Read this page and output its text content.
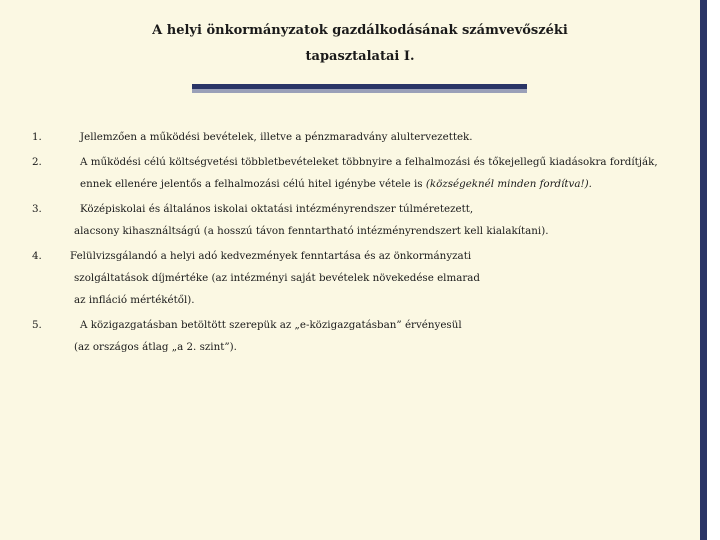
A helyi önkormányzatok gazdálkodásának számvevőszéki
tapasztalatai I.
1.	Jellemzően a működési bevételek, illetve a pénzmaradvány alultervezettek.
2.	A működési célú költségvetési többletbevételeket többnyire a felhalmozási és tőkejellegű kiadásokra fordítják,
ennek ellenére jelentős a felhalmozási célú hitel igénybe vétele is (községeknél minden fordítva!).
3.	Középiskolai és általános iskolai oktatási intézményrendszer túlméretezett,
alacsony kihasználtságú (a hosszú távon fenntartható intézményrendszert kell kialakítani).
4.	Felülvizsgálandó a helyi adó kedvezmények fenntartása és az önkormányzati
szolgáltatások díjmértéke (az intézményi saját bevételek növekedése elmarad
az infláció mértékétől).
5.	A közigazgatásban betöltött szerepük az „e-közigazgatásban” érvényesül
(az országos átlag „a 2. szint”).
